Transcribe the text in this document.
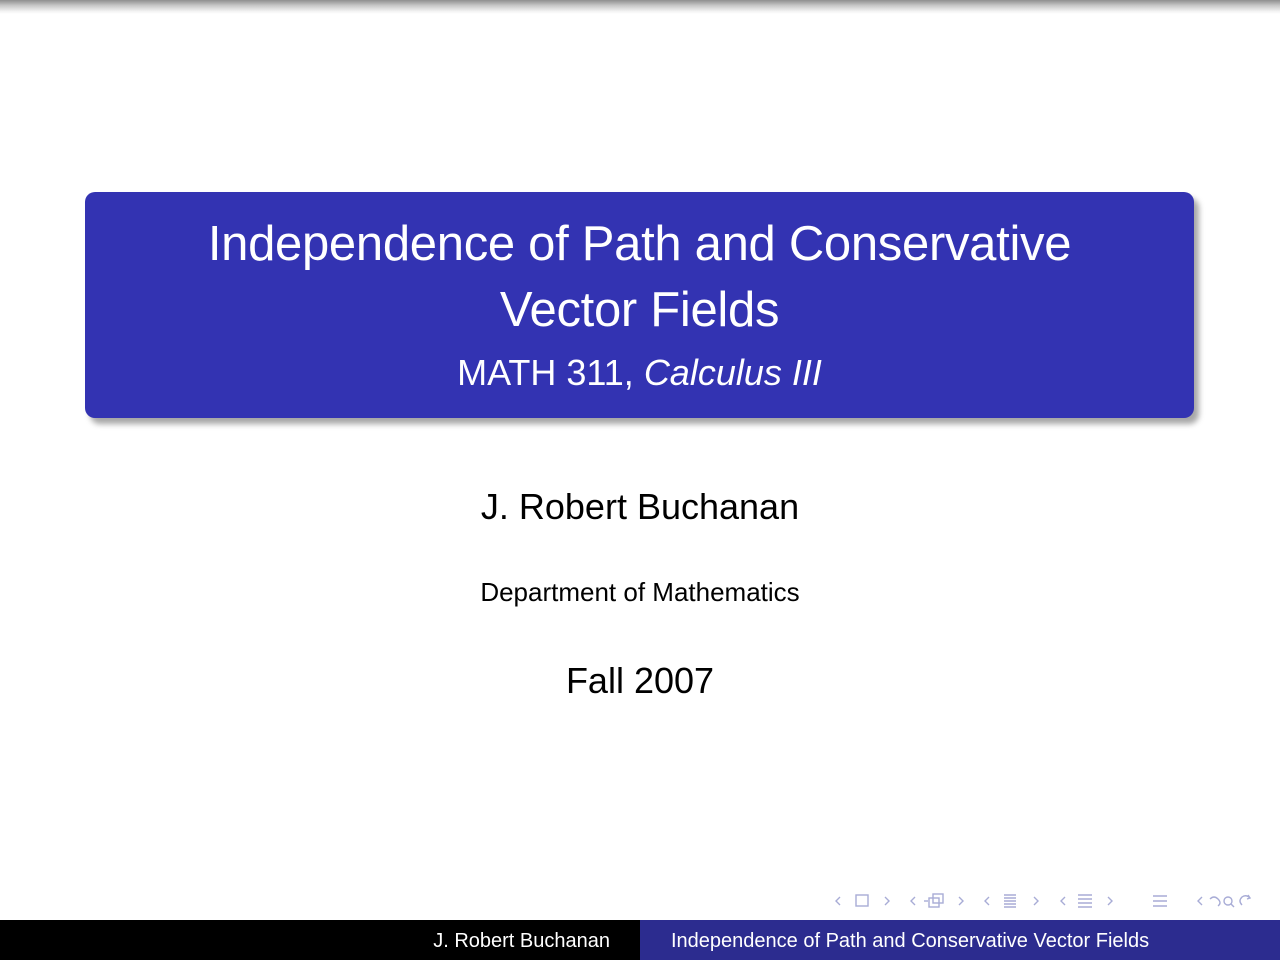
Independence of Path and Conservative
Vector Fields
MATH 311, Calculus III
J. Robert Buchanan
Department of Mathematics
Fall 2007
J. Robert Buchanan	Independence of Path and Conservative Vector Fields
